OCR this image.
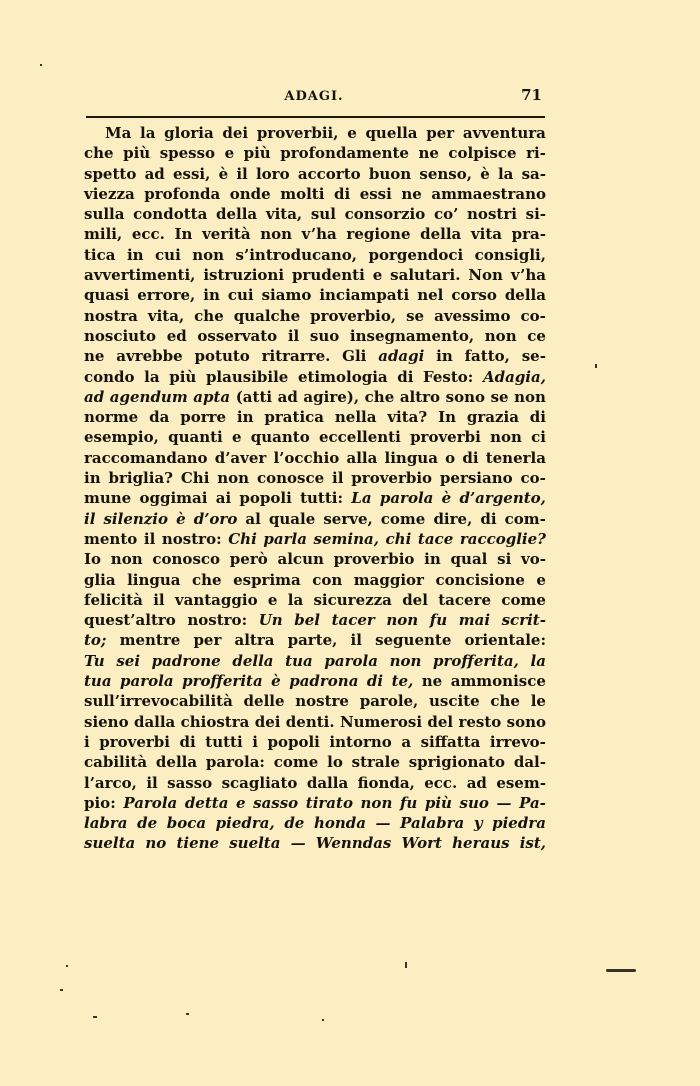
ADAGI.	71
Ma la gloria dei proverbii, e quella per avventura
che più spesso e più profondamente ne colpisce ri-
spetto ad essi, è il loro accorto buon senso, è la sa-
viezza profonda onde molti di essi ne ammaestrano
sulla condotta della vita, sul consorzio co’ nostri si-
mili, ecc. In verità non v’ha regione della vita pra-
tica in cui non s’introducano, porgendoci consigli,
avvertimenti, istruzioni prudenti e salutari. Non v’ha
quasi errore, in cui siamo inciampati nel corso della
nostra vita, che qualche proverbio, se avessimo co-
nosciuto ed osservato il suo insegnamento, non ce
ne avrebbe potuto ritrarre. Gli adagi in fatto, se-
condo la più plausibile etimologia di Festo: Adagia,
ad agendum apta (atti ad agire), che altro sono se non
norme da porre in pratica nella vita? In grazia di
esempio, quanti e quanto eccellenti proverbi non ci
raccomandano d’aver l’occhio alla lingua o di tenerla
in briglia? Chi non conosce il proverbio persiano co-
mune oggimai ai popoli tutti: La parola è d’argento,
il silenzio è d’oro al quale serve, come dire, di com-
mento il nostro: Chi parla semina, chi tace raccoglie?
Io non conosco però alcun proverbio in qual si vo-
glia lingua che esprima con maggior concisione e
felicità il vantaggio e la sicurezza del tacere come
quest’altro nostro: Un bel tacer non fu mai scrit-
to; mentre per altra parte, il seguente orientale:
Tu sei padrone della tua parola non profferita, la
tua parola profferita è padrona di te, ne ammonisce
sull’irrevocabilità delle nostre parole, uscite che le
sieno dalla chiostra dei denti. Numerosi del resto sono
i proverbi di tutti i popoli intorno a siffatta irrevo-
cabilità della parola: come lo strale sprigionato dal-
l’arco, il sasso scagliato dalla fionda, ecc. ad esem-
pio: Parola detta e sasso tirato non fu più suo — Pa-
labra de boca piedra, de honda — Palabra y piedra
suelta no tiene suelta — Wenndas Wort heraus ist,
